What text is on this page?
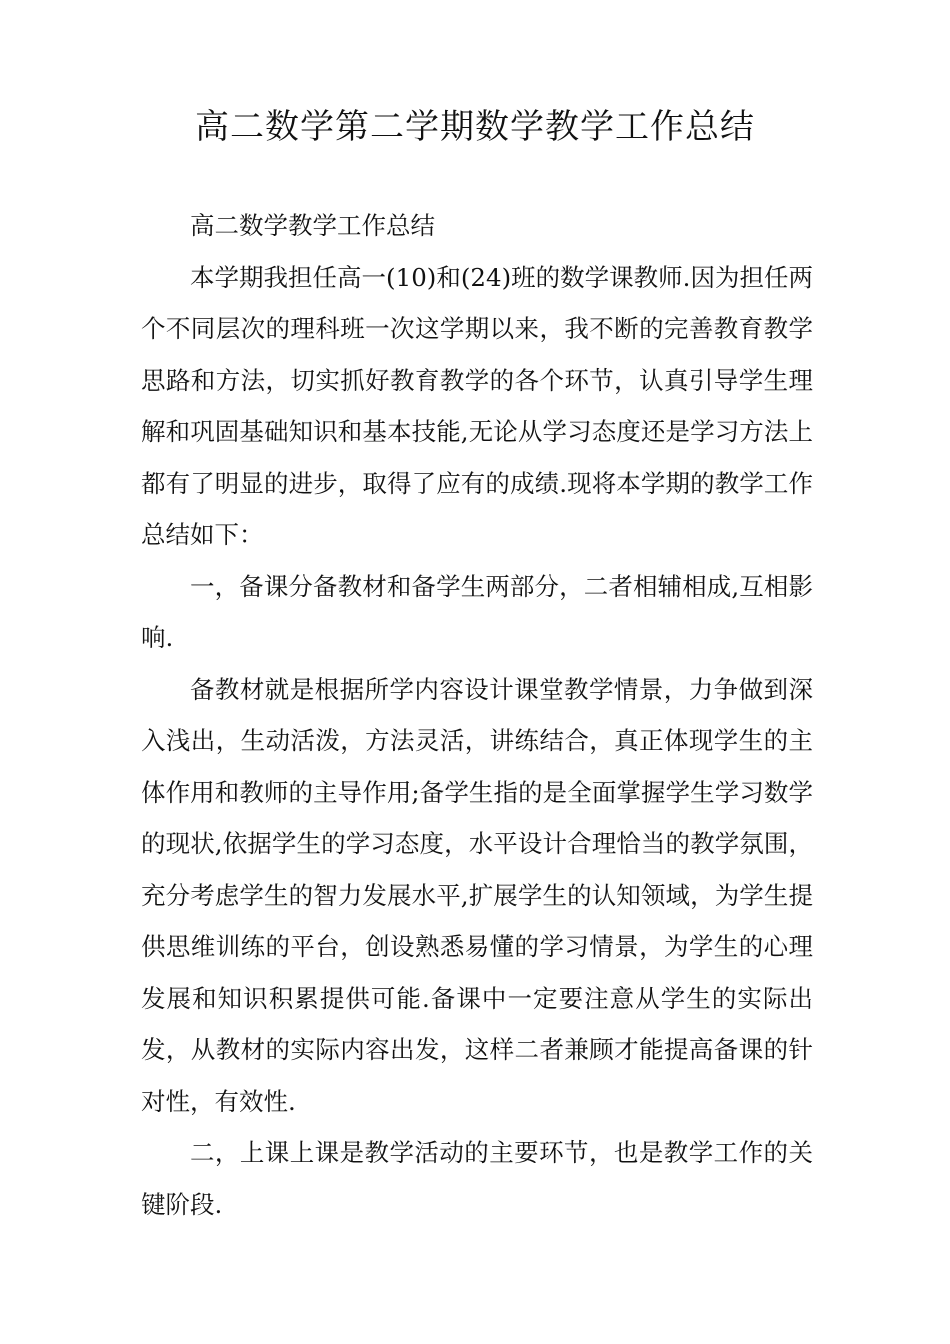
高二数学第二学期数学教学工作总结

高二数学教学工作总结

本学期我担任高一(10)和(24)班的数学课教师.因为担任两个不同层次的理科班一次这学期以来，我不断的完善教育教学思路和方法，切实抓好教育教学的各个环节，认真引导学生理解和巩固基础知识和基本技能,无论从学习态度还是学习方法上都有了明显的进步，取得了应有的成绩.现将本学期的教学工作总结如下：

一，备课分备教材和备学生两部分，二者相辅相成,互相影响.

备教材就是根据所学内容设计课堂教学情景，力争做到深入浅出，生动活泼，方法灵活，讲练结合，真正体现学生的主体作用和教师的主导作用;备学生指的是全面掌握学生学习数学的现状,依据学生的学习态度，水平设计合理恰当的教学氛围，充分考虑学生的智力发展水平,扩展学生的认知领域，为学生提供思维训练的平台，创设熟悉易懂的学习情景，为学生的心理发展和知识积累提供可能.备课中一定要注意从学生的实际出发，从教材的实际内容出发，这样二者兼顾才能提高备课的针对性，有效性.

二，上课上课是教学活动的主要环节，也是教学工作的关键阶段.
